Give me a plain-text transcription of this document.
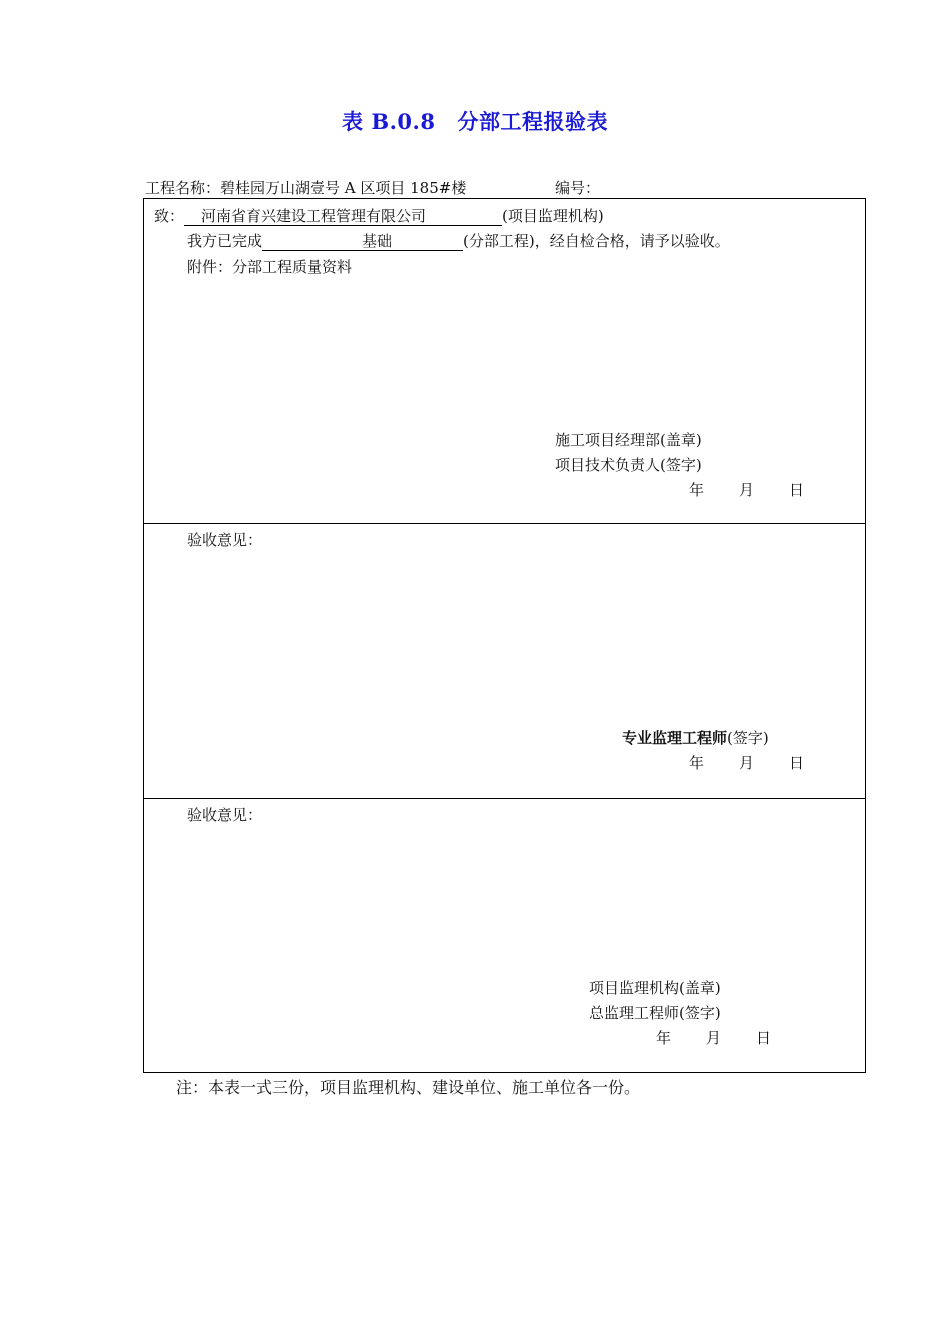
表 B.0.8 分部工程报验表
工程名称：碧桂园万山湖壹号 A 区项目 185#楼	编号：
致： 河南省育兴建设工程管理有限公司	(项目监理机构)
我方已完成	基础	(分部工程)，经自检合格，请予以验收。
附件：分部工程质量资料
施工项目经理部(盖章)
项目技术负责人(签字)
年 月 日
验收意见：
专业监理工程师(签字)
年 月 日
验收意见：
项目监理机构(盖章)
总监理工程师(签字)
年 月 日
注：本表一式三份，项目监理机构、建设单位、施工单位各一份。
